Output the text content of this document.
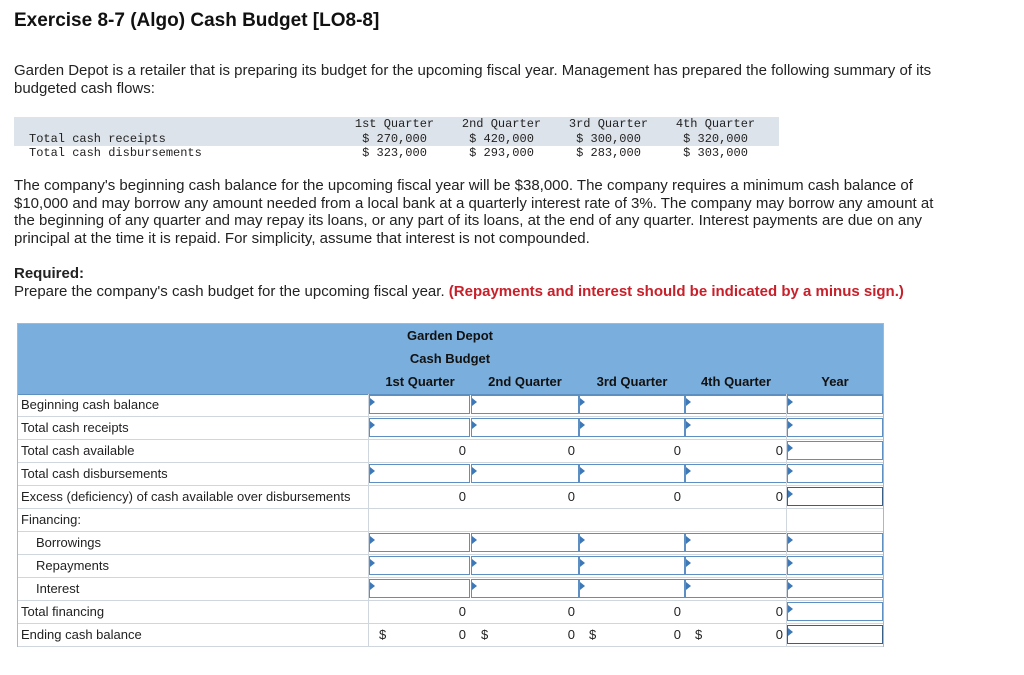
Exercise 8-7 (Algo) Cash Budget [LO8-8]
Garden Depot is a retailer that is preparing its budget for the upcoming fiscal year. Management has prepared the following summary of its budgeted cash flows:
	1st Quarter	2nd Quarter	3rd Quarter	4th Quarter	
Total cash receipts	$ 270,000	$ 420,000	$ 300,000	$ 320,000	
Total cash disbursements	$ 323,000	$ 293,000	$ 283,000	$ 303,000	
The company's beginning cash balance for the upcoming fiscal year will be $38,000. The company requires a minimum cash balance of $10,000 and may borrow any amount needed from a local bank at a quarterly interest rate of 3%. The company may borrow any amount at the beginning of any quarter and may repay its loans, or any part of its loans, at the end of any quarter. Interest payments are due on any principal at the time it is repaid. For simplicity, assume that interest is not compounded.
Required:
Prepare the company's cash budget for the upcoming fiscal year. (Repayments and interest should be indicated by a minus sign.)
Garden Depot
Cash Budget
1st Quarter	2nd Quarter	3rd Quarter	4th Quarter	Year
Beginning cash balance
Total cash receipts
Total cash available	0	0	0	0
Total cash disbursements
Excess (deficiency) of cash available over disbursements	0	0	0	0
Financing:
Borrowings
Repayments
Interest
Total financing	0	0	0	0
Ending cash balance	$	0	$	0	$	0	$	0
